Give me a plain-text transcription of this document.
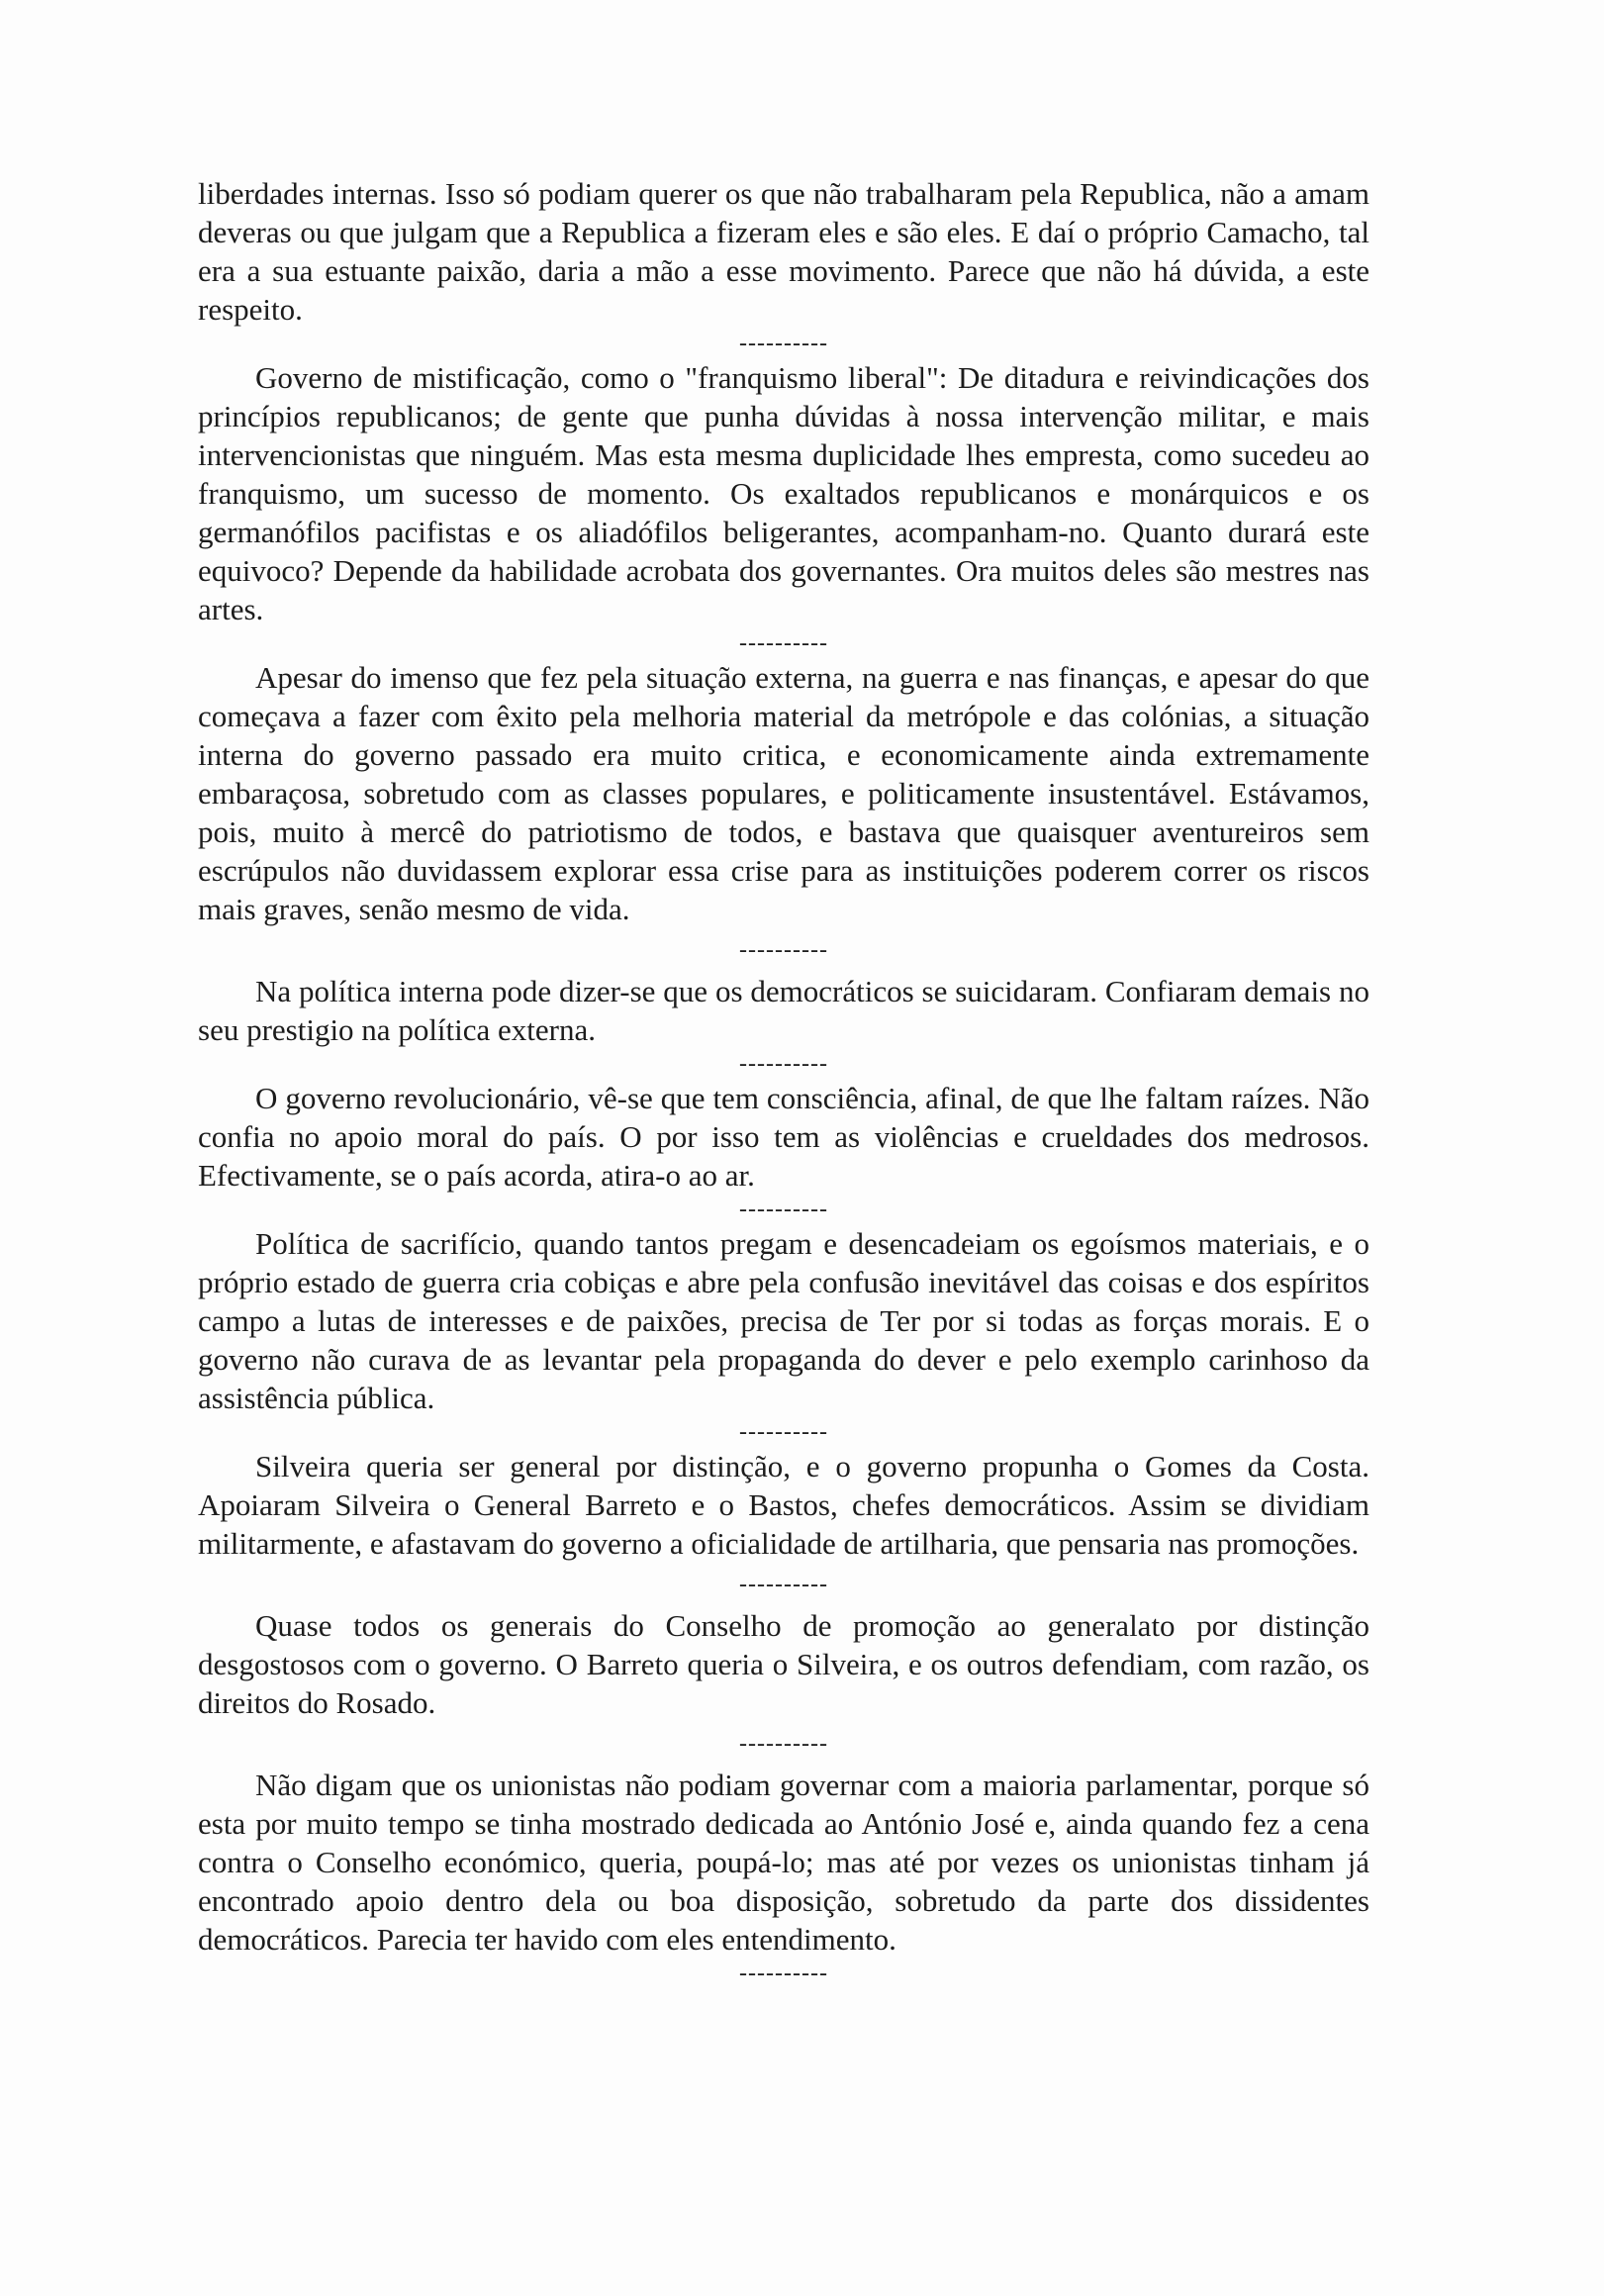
liberdades internas. Isso só podiam querer os que não trabalharam pela Republica, não a amam deveras ou que julgam que a Republica a fizeram eles e são eles. E daí o próprio Camacho, tal era a sua estuante paixão, daria a mão a esse movimento. Parece que não há dúvida, a este respeito.

----------

Governo de mistificação, como o "franquismo liberal": De ditadura e reivindicações dos princípios republicanos; de gente que punha dúvidas à nossa intervenção militar, e mais intervencionistas que ninguém. Mas esta mesma duplicidade lhes empresta, como sucedeu ao franquismo, um sucesso de momento. Os exaltados republicanos e monárquicos e os germanófilos pacifistas e os aliadófilos beligerantes, acompanham-no. Quanto durará este equivoco? Depende da habilidade acrobata dos governantes. Ora muitos deles são mestres nas artes.

----------

Apesar do imenso que fez pela situação externa, na guerra e nas finanças, e apesar do que começava a fazer com êxito pela melhoria material da metrópole e das colónias, a situação interna do governo passado era muito critica, e economicamente ainda extremamente embaraçosa, sobretudo com as classes populares, e politicamente insustentável. Estávamos, pois, muito à mercê do patriotismo de todos, e bastava que quaisquer aventureiros sem escrúpulos não duvidassem explorar essa crise para as instituições poderem correr os riscos mais graves, senão mesmo de vida.

----------

Na política interna pode dizer-se que os democráticos se suicidaram. Confiaram demais no seu prestigio na política externa.

----------

O governo revolucionário, vê-se que tem consciência, afinal, de que lhe faltam raízes. Não confia no apoio moral do país. O por isso tem as violências e crueldades dos medrosos. Efectivamente, se o país acorda, atira-o ao ar.

----------

Política de sacrifício, quando tantos pregam e desencadeiam os egoísmos materiais, e o próprio estado de guerra cria cobiças e abre pela confusão inevitável das coisas e dos espíritos campo a lutas de interesses e de paixões, precisa de Ter por si todas as forças morais. E o governo não curava de as levantar pela propaganda do dever e pelo exemplo carinhoso da assistência pública.

----------

Silveira queria ser general por distinção, e o governo propunha o Gomes da Costa. Apoiaram Silveira o General Barreto e o Bastos, chefes democráticos. Assim se dividiam militarmente, e afastavam do governo a oficialidade de artilharia, que pensaria nas promoções.

----------

Quase todos os generais do Conselho de promoção ao generalato por distinção desgostosos com o governo. O Barreto queria o Silveira, e os outros defendiam, com razão, os direitos do Rosado.

----------

Não digam que os unionistas não podiam governar com a maioria parlamentar, porque só esta por muito tempo se tinha mostrado dedicada ao António José e, ainda quando fez a cena contra o Conselho económico, queria, poupá-lo; mas até por vezes os unionistas tinham já encontrado apoio dentro dela ou boa disposição, sobretudo da parte dos dissidentes democráticos. Parecia ter havido com eles entendimento.

----------
